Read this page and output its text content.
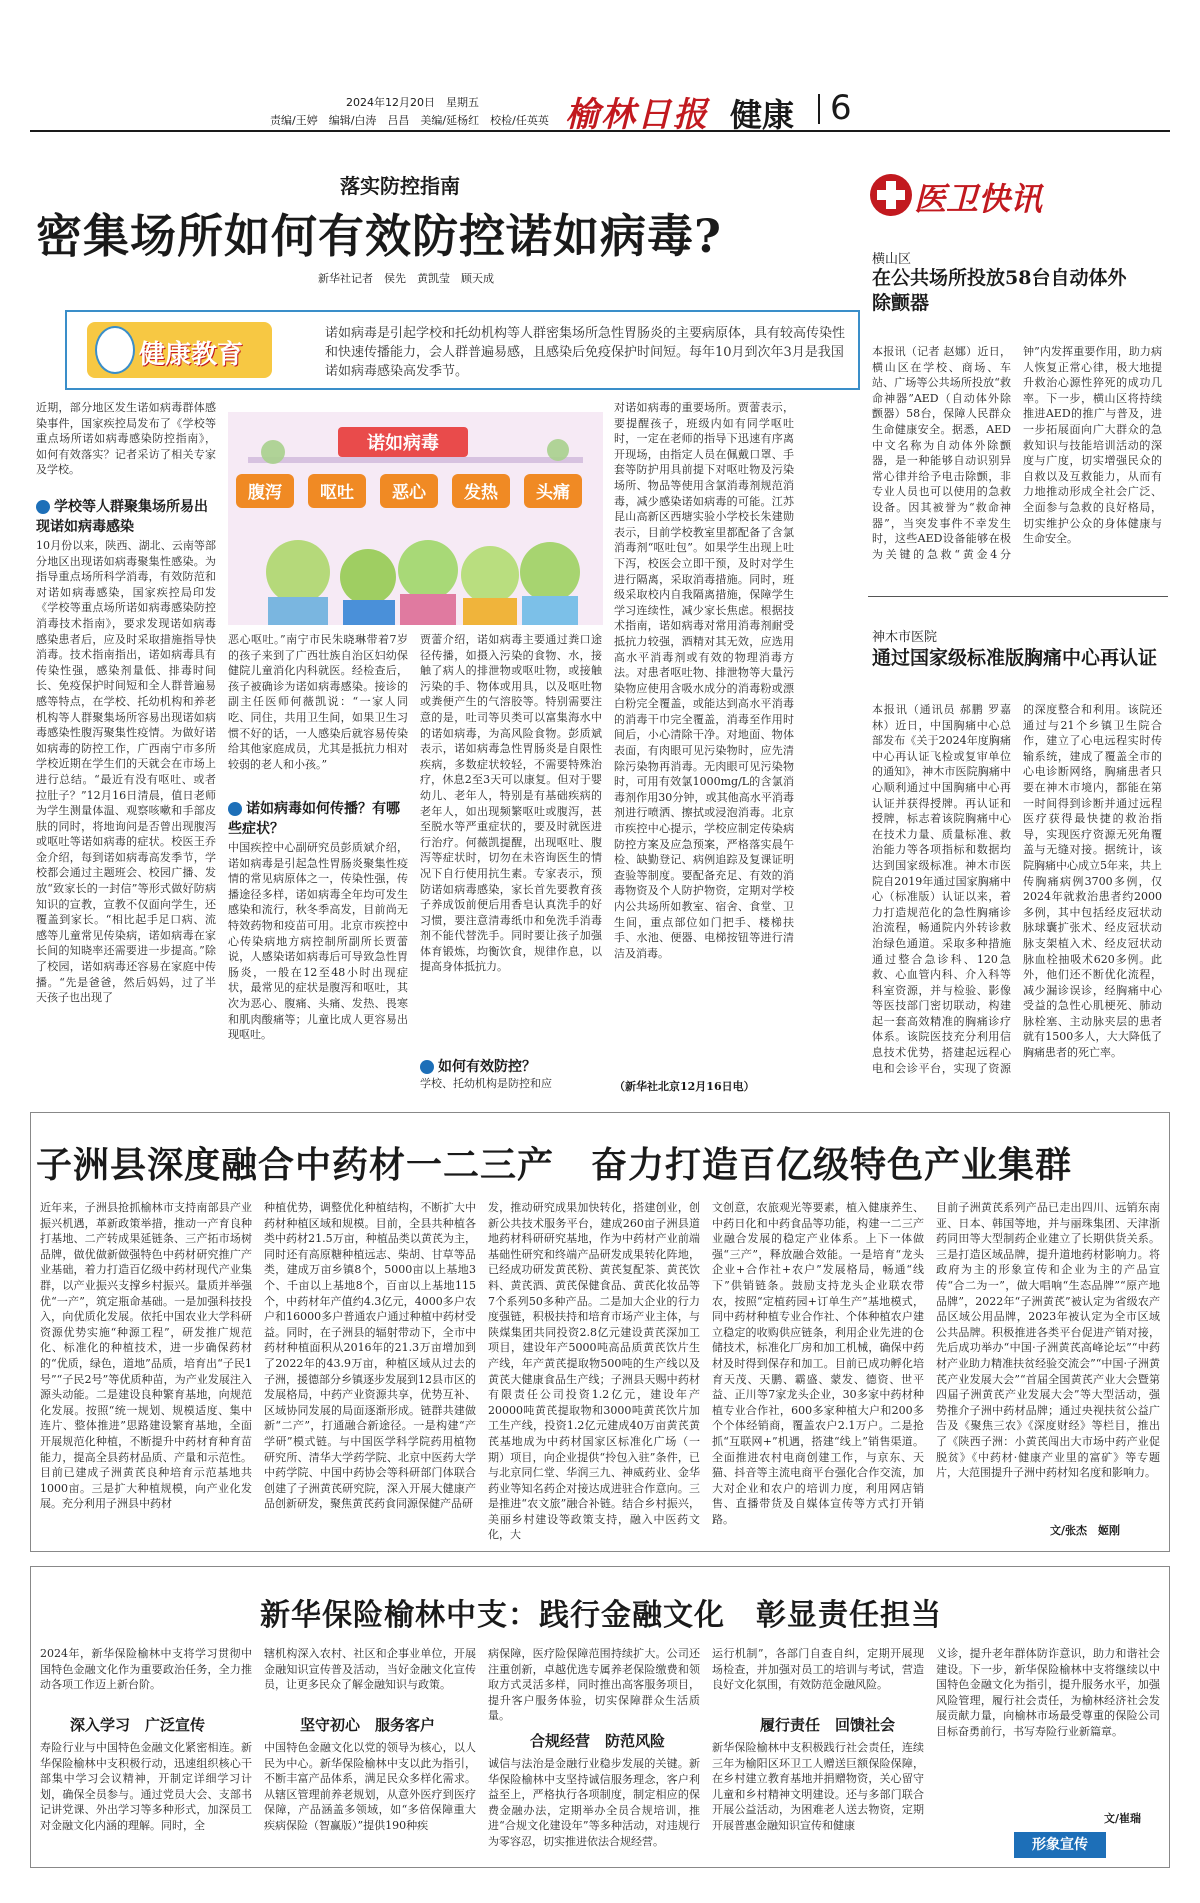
2024年12月20日　星期五
责编/王婷　编辑/白涛　吕昌　美编/延杨红　校检/任英英 榆林日报 健康 6
落实防控指南
密集场所如何有效防控诺如病毒?
新华社记者　侯先　黄凯莹　顾天成
健康教育
诺如病毒是引起学校和托幼机构等人群密集场所急性胃肠炎的主要病原体，具有较高传染性和快速传播能力，会人群普遍易感，且感染后免疫保护时间短。每年10月到次年3月是我国诺如病毒感染高发季节。
近期，部分地区发生诺如病毒群体感染事件，国家疾控局发布了《学校等重点场所诺如病毒感染防控指南》，如何有效落实？记者采访了相关专家及学校。
学校等人群聚集场所易出现诺如病毒感染
10月份以来，陕西、湖北、云南等部分地区出现诺如病毒聚集性感染。为指导重点场所科学消毒，有效防范和对诺如病毒感染，国家疾控局印发《学校等重点场所诺如病毒感染防控消毒技术指南》，要求发现诺如病毒感染患者后，应及时采取措施指导快消毒。技术指南指出，诺如病毒具有传染性强，感染剂量低、排毒时间长、免疫保护时间短和全人群普遍易感等特点，在学校、托幼机构和养老机构等人群聚集场所容易出现诺如病毒感染性腹泻聚集性疫情。为做好诺如病毒的防控工作，广西南宁市多所学校近期在学生们的天就会在市场上进行总结。“最近有没有呕吐、或者拉肚子？”12月16日清晨，值日老师为学生测量体温、观察咳嗽和手部皮肤的同时，将地询问是否曾出现腹泻或呕吐等诺如病毒的症状。校医王乔金介绍，每到诺如病毒高发季节，学校都会通过主题班会、校园广播、发放“致家长的一封信”等形式做好防病知识的宣教，宣教不仅面向学生，还覆盖到家长。“相比起手足口病、流感等儿童常见传染病，诺如病毒在家长间的知晓率还需要进一步提高。”除了校园，诺如病毒还容易在家庭中传播。“先是爸爸，然后妈妈，过了半天孩子也出现了
诺如病毒
腹泻 呕吐 恶心 发热 头痛
恶心呕吐。”南宁市民朱晓琳带着7岁的孩子来到了广西壮族自治区妇幼保健院儿童消化内科就医。经检查后，孩子被确诊为诺如病毒感染。接诊的副主任医师何薇凯说：“一家人同吃、同住，共用卫生间，如果卫生习惯不好的话，一人感染后就容易传染给其他家庭成员，尤其是抵抗力相对较弱的老人和小孩。”
诺如病毒如何传播？有哪些症状？
中国疾控中心副研究员彭质斌介绍，诺如病毒是引起急性胃肠炎聚集性疫情的常见病原体之一，传染性强，传播途径多样，诺如病毒全年均可发生感染和流行，秋冬季高发，目前尚无特效药物和疫苗可用。北京市疾控中心传染病地方病控制所副所长贾蕾说，人感染诺如病毒后可导致急性胃肠炎，一般在12至48小时出现症状，最常见的症状是腹泻和呕吐，其次为恶心、腹痛、头痛、发热、畏寒和肌肉酸痛等；儿童比成人更容易出现呕吐。
贾蕾介绍，诺如病毒主要通过粪口途径传播，如摄入污染的食物、水，接触了病人的排泄物或呕吐物，或接触污染的手、物体或用具，以及呕吐物或粪便产生的气溶胶等。特别需要注意的是，吐司等贝类可以富集海水中的诺如病毒，为高风险食物。彭质斌表示，诺如病毒急性胃肠炎是自限性疾病，多数症状较轻，不需要特殊治疗，休息2至3天可以康复。但对于婴幼儿、老年人，特别是有基础疾病的老年人，如出现频繁呕吐或腹泻，甚至脱水等严重症状的，要及时就医进行治疗。何薇凯提醒，出现呕吐、腹泻等症状时，切勿在未咨询医生的情况下自行使用抗生素。专家表示，预防诺如病毒感染，家长首先要教育孩子养成饭前便后用香皂认真洗手的好习惯，要注意清毒纸巾和免洗手消毒剂不能代替洗手。同时要让孩子加强体育锻炼，均衡饮食，规律作息，以提高身体抵抗力。
如何有效防控？
学校、托幼机构是防控和应
对诺如病毒的重要场所。贾蕾表示，要提醒孩子，班级内如有同学呕吐时，一定在老师的指导下迅速有序离开现场，由指定人员在佩戴口罩、手套等防护用具前提下对呕吐物及污染场所、物品等使用含氯消毒剂规范消毒，减少感染诺如病毒的可能。江苏昆山高新区西塘实验小学校长朱建勋表示，目前学校教室里都配备了含氯消毒剂“呕吐包”。如果学生出现上吐下泻，校医会立即干预，及时对学生进行隔离，采取消毒措施。同时，班级采取校内自我隔离措施，保障学生学习连续性，减少家长焦虑。根据技术指南，诺如病毒对常用消毒剂耐受抵抗力较强，酒精对其无效，应选用高水平消毒剂或有效的物理消毒方法。对患者呕吐物、排泄物等大量污染物应使用含吸水成分的消毒粉或漂白粉完全覆盖，或能达到高水平消毒的消毒干巾完全覆盖，消毒至作用时间后，小心清除干净。对地面、物体表面，有肉眼可见污染物时，应先清除污染物再消毒。无肉眼可见污染物时，可用有效氯1000mg/L的含氯消毒剂作用30分钟，或其他高水平消毒剂进行喷洒、擦拭或浸泡消毒。北京市疾控中心提示，学校应制定传染病防控方案及应急预案，严格落实晨午检、缺勤登记、病例追踪及复课证明查验等制度。要配备充足、有效的消毒物资及个人防护物资，定期对学校内公共场所如教室、宿舍、食堂、卫生间，重点部位如门把手、楼梯扶手、水池、便器、电梯按钮等进行清洁及消毒。
（新华社北京12月16日电）
医卫快讯
横山区
在公共场所投放58台自动体外除颤器
本报讯（记者 赵娜）近日，横山区在学校、商场、车站、广场等公共场所投放“救命神器”AED（自动体外除颤器）58台，保障人民群众生命健康安全。据悉，AED中文名称为自动体外除颤器，是一种能够自动识别异常心律并给予电击除颤，非专业人员也可以使用的急救设备。因其被誉为“救命神器”，当突发事件不幸发生时，这些AED设备能够在极为关键的急救“黄金4分钟”内发挥重要作用，助力病人恢复正常心律，极大地提升救治心源性猝死的成功几率。下一步，横山区将持续推进AED的推广与普及，进一步拓展面向广大群众的急救知识与技能培训活动的深度与广度，切实增强民众的自救以及互救能力，从而有力地推动形成全社会广泛、全面参与急救的良好格局，切实维护公众的身体健康与生命安全。
神木市医院
通过国家级标准版胸痛中心再认证
本报讯（通讯员 郝鹏 罗嘉林）近日，中国胸痛中心总部发布《关于2024年度胸痛中心再认证飞检或复审单位的通知》，神木市医院胸痛中心顺利通过中国胸痛中心再认证并获得授牌。再认证和授牌，标志着该院胸痛中心在技术力量、质量标准、救治能力等各项指标和数据均达到国家级标准。神木市医院自2019年通过国家胸痛中心（标准版）认证以来，着力打造规范化的急性胸痛诊治流程，畅通院内外转诊救治绿色通道。采取多种措施通过整合急诊科、120急救、心血管内科、介入科等科室资源，并与检验、影像等医技部门密切联动，构建起一套高效精准的胸痛诊疗体系。该院医技充分利用信息技术优势，搭建起远程心电和会诊平台，实现了资源的深度整合和利用。该院还通过与21个乡镇卫生院合作，建立了心电远程实时传输系统，建成了覆盖全市的心电诊断网络，胸痛患者只要在神木市境内，都能在第一时间得到诊断并通过远程医疗获得最快捷的救治指导，实现医疗资源无死角覆盖与无缝对接。据统计，该院胸痛中心成立5年来，共上传胸痛病例3700多例，仅2024年就救治患者约2000多例，其中包括经皮冠状动脉球囊扩张术、经皮冠状动脉支架植入术、经皮冠状动脉血栓抽吸术620多例。此外，他们还不断优化流程，减少漏诊误诊，经胸痛中心受益的急性心肌梗死、肺动脉栓塞、主动脉夹层的患者就有1500多人，大大降低了胸痛患者的死亡率。
子洲县深度融合中药材一二三产　奋力打造百亿级特色产业集群
近年来，子洲县抢抓榆林市支持南部县产业振兴机遇，革新政策举措，推动一产育良种打基地、二产转成果延链条、三产拓市场树品牌，做优做新做强特色中药材研究推广产业基础，着力打造百亿级中药材现代产业集群，以产业振兴支撑乡村振兴。量质并举强优“一产”，筑定瓶命基础。一是加强科技投入，向优质化发展。依托中国农业大学科研资源优势实施“种源工程”，研发推广规范化、标准化的种植技术，进一步确保药材的“优质，绿色，道地”品质，培育出“子民1号”“子民2号”等优质种苗，为产业发展注入源头动能。二是建设良种繁育基地，向规范化发展。按照“统一规划、规模适度、集中连片、整体推进”思路建设繁育基地，全面开展规范化种植，不断提升中药材育种育苗能力，提高全县药材品质、产量和示范性。目前已建成子洲黄芪良种培育示范基地共1000亩。三是扩大种植规模，向产业化发展。充分利用子洲县中药材
种植优势，调整优化种植结构，不断扩大中药材种植区域和规模。目前，全县共种植各类中药材21.5万亩，种植品类以黄芪为主，同时还有高原糖种植远志、柴胡、甘草等品类，建成万亩乡镇8个，5000亩以上基地3个、千亩以上基地8个，百亩以上基地115个，中药材年产值约4.3亿元，4000多户农户和16000多户普通农户通过种植中药材受益。同时，在子洲县的辐射带动下，全市中药材种植面积从2016年的21.3万亩增加到了2022年的43.9万亩，种植区域从过去的子洲，援德部分乡镇逐步发展到12县市区的发展格局，中药产业资源共享，优势互补、区域协同发展的局面逐渐形成。链群共建做新“二产”，打通融合新途径。一是构建“产学研”模式链。与中国医学科学院药用植物研究所、清华大学药学院、北京中医药大学中药学院、中国中药协会等科研部门体联合创建了子洲黄芪研究院，深入开展大健康产品创新研发，聚焦黄芪药食同源保健产品研
发，推动研究成果加快转化，搭建创业，创新公共技术服务平台，建成260亩子洲县道地药材科研研究基地，作为中药材产业前端基础性研究和终端产品研发成果转化阵地，已经成功研发黄芪粉、黄芪复配茶、黄芪饮料、黄芪酒、黄芪保健食品、黄芪化妆品等7个系列50多种产品。二是加大企业的行力度强链，积极扶持和培育市场产业主体，与陕煤集团共同投资2.8亿元建设黄芪深加工项目，建设年产5000吨高品质黄芪饮片生产线，年产黄芪提取物500吨的生产线以及黄芪大健康食品生产线；子洲县天赐中药材有限责任公司投资1.2亿元，建设年产20000吨黄芪提取物和3000吨黄芪饮片加工生产线，投资1.2亿元建成40万亩黄芪黄芪基地成为中药材国家区标准化广场（一期）项目，向企业提供“拎包入驻”条件，已与北京同仁堂、华润三九、神威药业、金华药业等知名药企对接达成进驻合作意向。三是推进“农文旅”融合补链。结合乡村振兴，美丽乡村建设等政策支持，融入中医药文化，大
文创意，农旅观光等要素，植入健康养生、中药日化和中药食品等功能，构建一二三产业融合发展的稳定产业体系。上下一体做强“三产”，释放融合效能。一是培育“龙头企业+合作社+农户”发展格局，畅通“线下”供销链条。鼓励支持龙头企业联农带农，按照“定植药园+订单生产”基地模式，同中药材种植专业合作社、个体种植农户建立稳定的收购供应链条，利用企业先进的仓储技术，标准化厂房和加工机械，确保中药材及时得到保存和加工。目前已成功孵化培育天茂、天鹏、霸盛、蒙发、德资、世平益、正川等7家龙头企业，30多家中药材种植专业合作社，600多家种植大户和200多个个体经销商，覆盖农户2.1万户。二是抢抓“互联网+”机遇，搭建“线上”销售渠道。全面推进农村电商创建工作，与京东、天猫、抖音等主流电商平台强化合作交流，加大对企业和农户的培训力度，利用网店销售、直播带货及自媒体宣传等方式打开销路。
目前子洲黄芪系列产品已走出四川、远销东南亚、日本、韩国等地，并与丽珠集团、天津浙药同田等大型制药企业建立了长期供货关系。三是打造区域品牌，提升道地药材影响力。将政府为主的形象宣传和企业为主的产品宣传“合二为一”，做大唱响“生态品牌”“原产地品牌”，2022年“子洲黄芪”被认定为省级农产品区域公用品牌，2023年被认定为全市区域公共品牌。积极推进各类平台促进产销对接，先后成功举办“中国·子洲黄芪高峰论坛”“中药材产业助力精准扶贫经验交流会”“中国·子洲黄芪产业发展大会”“首届全国黄芪产业大会暨第四届子洲黄芪产业发展大会”等大型活动，强势推介子洲中药材品牌；通过央视扶贫公益广告及《聚焦三农》《深度财经》等栏目，推出了《陕西子洲：小黄芪闯出大市场中药产业促脱贫》《中药材·健康产业里的富矿》等专题片，大范围提升子洲中药材知名度和影响力。
文/张杰　姬刚
新华保险榆林中支：践行金融文化　彰显责任担当
2024年，新华保险榆林中支将学习贯彻中国特色金融文化作为重要政治任务，全力推动各项工作迈上新台阶。
深入学习　广泛宣传
寿险行业与中国特色金融文化紧密相连。新华保险榆林中支积极行动，迅速组织核心干部集中学习会议精神，开制定详细学习计划，确保全员参与。通过党员大会、支部书记讲党课、外出学习等多种形式，加深员工对金融文化内涵的理解。同时，全
辖机构深入农村、社区和企事业单位，开展金融知识宣传普及活动，当好金融文化宣传员，让更多民众了解金融知识与政策。
坚守初心　服务客户
中国特色金融文化以党的领导为核心，以人民为中心。新华保险榆林中支以此为指引，不断丰富产品体系，满足民众多样化需求。从辖区管理前养老规划，从意外医疗到医疗保障，产品涵盖多领域，如“多倍保障重大疾病保险（智赢版）”提供190种疾
病保障，医疗险保障范围持续扩大。公司还注重创新，卓越优选专属养老保险缴费和领取方式灵活多样，同时推出高客服务项目，提升客户服务体验，切实保障群众生活质量。
合规经营　防范风险
诚信与法治是金融行业稳步发展的关键。新华保险榆林中支坚持诚信服务理念，客户利益至上，严格执行各项制度，制定相应的保费金融办法，定期举办全员合规培训，推进“合规文化建设年”等多种活动，对违规行为零容忍，切实推进依法合规经营。
运行机制”，各部门自查自纠，定期开展现场检查，并加强对员工的培训与考试，营造良好文化氛围，有效防范金融风险。
履行责任　回馈社会
新华保险榆林中支积极践行社会责任，连续三年为榆阳区环卫工人赠送巨额保险保障，在乡村建立教育基地并捐赠物资，关心留守儿童和乡村精神文明建设。还与多部门联合开展公益活动，为困难老人送去物资，定期开展普惠金融知识宣传和健康
义诊，提升老年群体防诈意识，助力和谐社会建设。下一步，新华保险榆林中支将继续以中国特色金融文化为指引，提升服务水平，加强风险管理，履行社会责任，为榆林经济社会发展贡献力量，向榆林市场最受尊重的保险公司目标奋勇前行，书写寿险行业新篇章。
文/崔瑞
形象宣传
